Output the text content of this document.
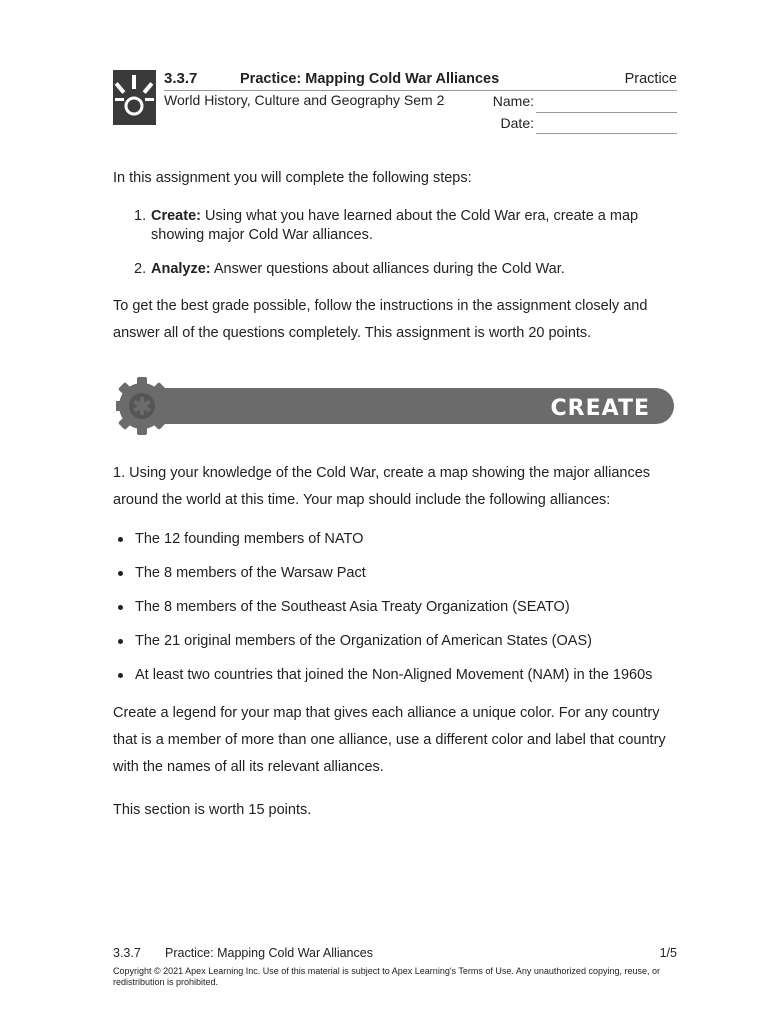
3.3.7	Practice: Mapping Cold War Alliances	Practice
World History, Culture and Geography Sem 2	Name:
Date:

In this assignment you will complete the following steps:

1. Create: Using what you have learned about the Cold War era, create a map showing major Cold War alliances.
2. Analyze: Answer questions about alliances during the Cold War.

To get the best grade possible, follow the instructions in the assignment closely and answer all of the questions completely. This assignment is worth 20 points.

CREATE

1. Using your knowledge of the Cold War, create a map showing the major alliances around the world at this time. Your map should include the following alliances:

The 12 founding members of NATO
The 8 members of the Warsaw Pact
The 8 members of the Southeast Asia Treaty Organization (SEATO)
The 21 original members of the Organization of American States (OAS)
At least two countries that joined the Non-Aligned Movement (NAM) in the 1960s

Create a legend for your map that gives each alliance a unique color. For any country that is a member of more than one alliance, use a different color and label that country with the names of all its relevant alliances.

This section is worth 15 points.

3.3.7 Practice: Mapping Cold War Alliances	1/5
Copyright © 2021 Apex Learning Inc. Use of this material is subject to Apex Learning's Terms of Use. Any unauthorized copying, reuse, or redistribution is prohibited.
